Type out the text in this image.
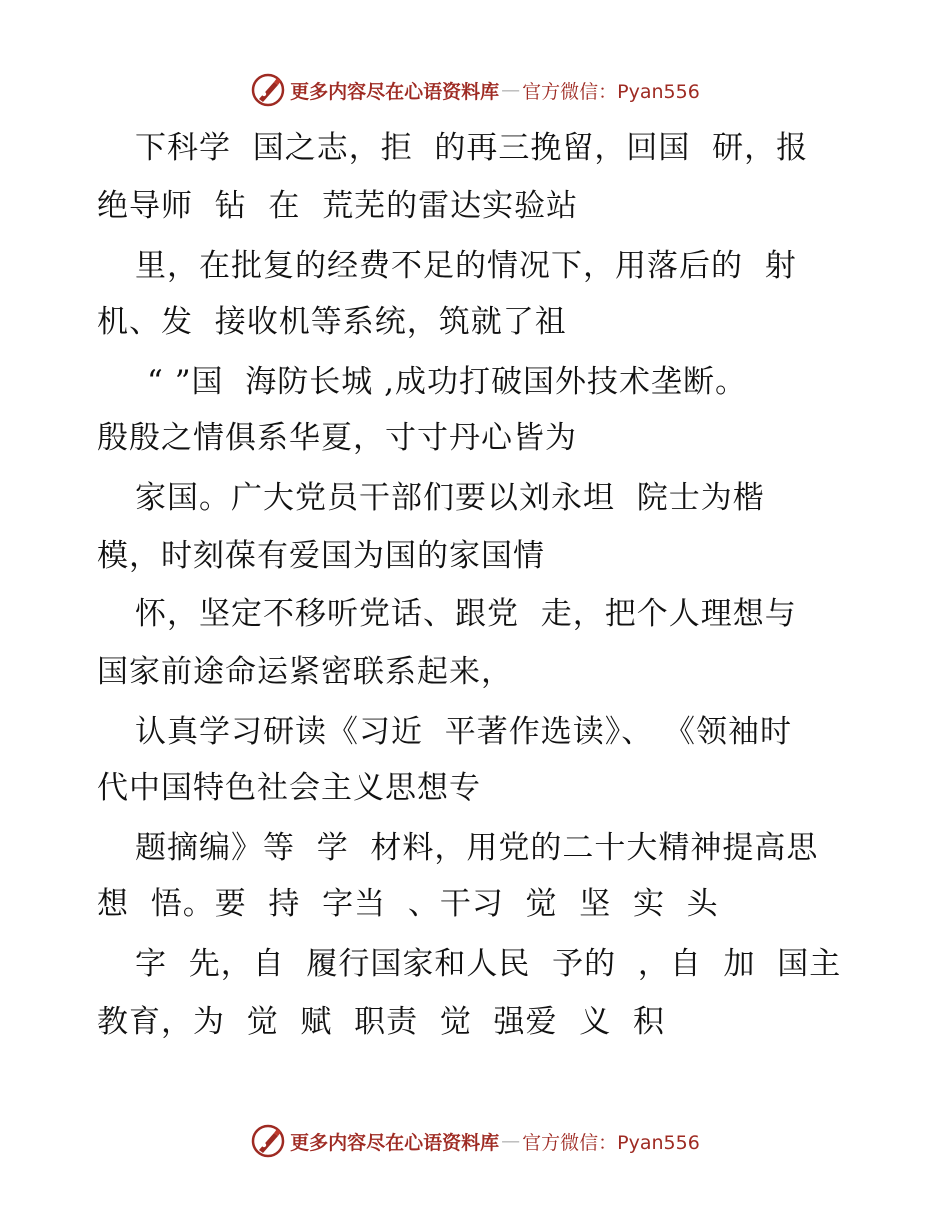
更多内容尽在心语资料库 — 官方微信：Pyan556
下科学  国之志，拒  的再三挽留，回国  研，报
绝导师  钻  在  荒芜的雷达实验站
里，在批复的经费不足的情况下，用落后的  射
机、发  接收机等系统，筑就了祖
“ ”国  海防长城 ,成功打破国外技术垄断。
殷殷之情俱系华夏，寸寸丹心皆为
家国。广大党员干部们要以刘永坦  院士为楷
模，时刻葆有爱国为国的家国情
怀，坚定不移听党话、跟党  走，把个人理想与
国家前途命运紧密联系起来，
认真学习研读《习近  平著作选读》、 《领袖时
代中国特色社会主义思想专
题摘编》等  学  材料，用党的二十大精神提高思
想  悟。要  持  字当  、干习  觉  坚  实  头
字  先，自  履行国家和人民  予的  ，自  加  国主
教育，为  觉  赋  职责  觉  强爱  义  积
更多内容尽在心语资料库 — 官方微信：Pyan556
